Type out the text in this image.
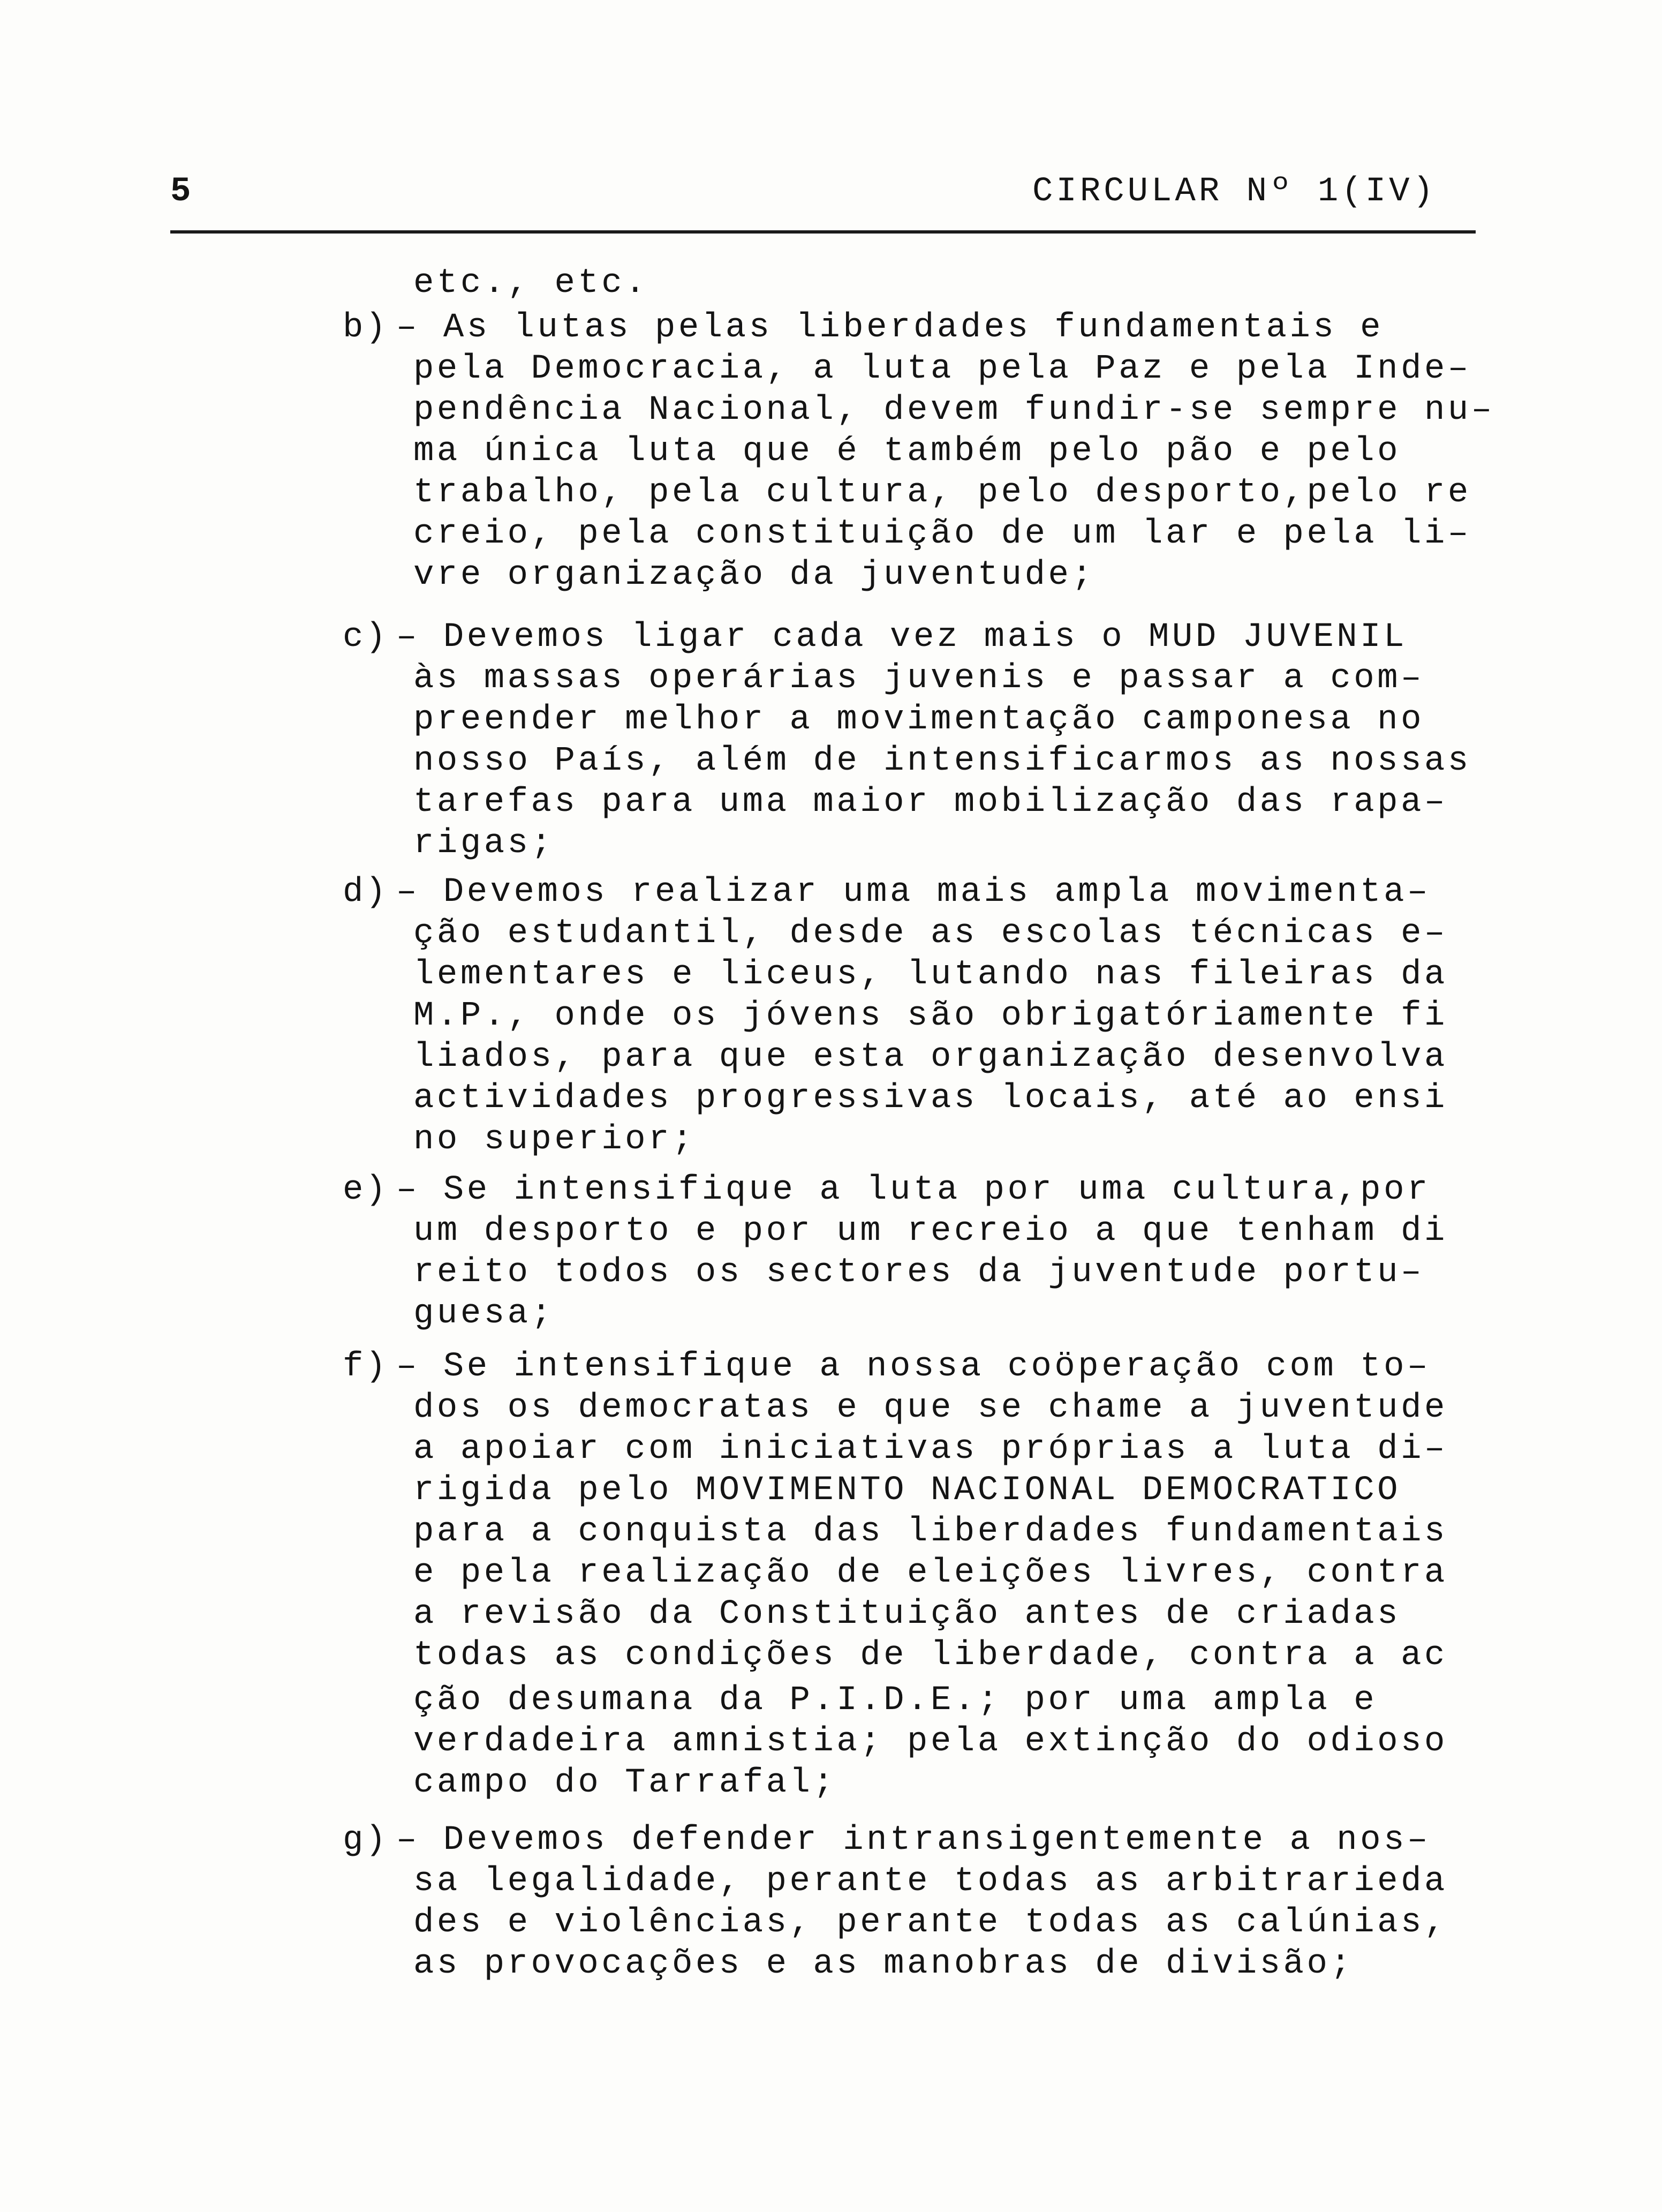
5	CIRCULAR Nº 1(IV)
etc., etc.
b) – As lutas pelas liberdades fundamentais e
pela Democracia, a luta pela Paz e pela Inde–
pendência Nacional, devem fundir-se sempre nu–
ma única luta que é também pelo pão e pelo
trabalho, pela cultura, pelo desporto,pelo re
creio, pela constituição de um lar e pela li–
vre organização da juventude;
c) – Devemos ligar cada vez mais o MUD JUVENIL
às massas operárias juvenis e passar a com–
preender melhor a movimentação camponesa no
nosso País, além de intensificarmos as nossas
tarefas para uma maior mobilização das rapa–
rigas;
d) – Devemos realizar uma mais ampla movimenta–
ção estudantil, desde as escolas técnicas e–
lementares e liceus, lutando nas fileiras da
M.P., onde os jóvens são obrigatóriamente fi
liados, para que esta organização desenvolva
actividades progressivas locais, até ao ensi
no superior;
e) – Se intensifique a luta por uma cultura,por
um desporto e por um recreio a que tenham di
reito todos os sectores da juventude portu–
guesa;
f) – Se intensifique a nossa coöperação com to–
dos os democratas e que se chame a juventude
a apoiar com iniciativas próprias a luta di–
rigida pelo MOVIMENTO NACIONAL DEMOCRATICO
para a conquista das liberdades fundamentais
e pela realização de eleições livres, contra
a revisão da Constituição antes de criadas
todas as condições de liberdade, contra a ac
ção desumana da P.I.D.E.; por uma ampla e
verdadeira amnistia; pela extinção do odioso
campo do Tarrafal;
g) – Devemos defender intransigentemente a nos–
sa legalidade, perante todas as arbitrarieda
des e violências, perante todas as calúnias,
as provocações e as manobras de divisão;
